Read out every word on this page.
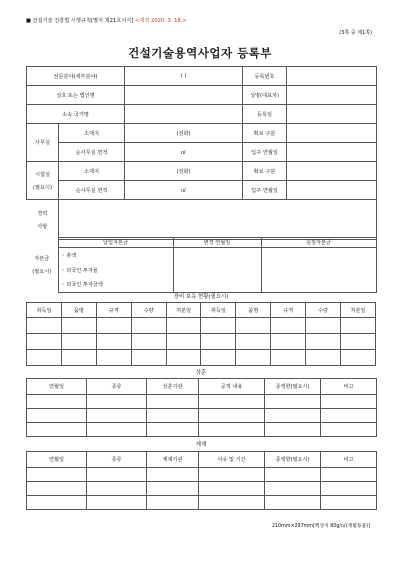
■ 건설기술 진흥법 시행규칙[별지 제21호서식] <개정 2020. 3. 18.>
(3쪽 중 제1쪽)
건설기술용역사업자 등록부
전문분야(세부분야)		( )	등록번호	
상호 또는 법인명			성명(대표자)	
소속 국가명			등록일	
사무실	소재지	(전화)	확보 구분	
	순사무실 면적	㎡	입주 연월일	
시험실

(필요시)	소재지	(전화)	확보 구분	
	순사무실 면적	㎡	입주 연월일	
경력

사항				
자본금

(필요시)	납입자본금	변경 연월일	실질자본금
	◦ 총액		
	◦ 외국인 투자율		
	◦ 외국인 투자금액		
장비 보유 현황(필요시)
취득일	품명	규격	수량	처분일	취득일	품명	규격	수량	처분일

상훈
연월일	종류	상훈기관	공적 내용	종액향(필요시)	비고

제재
연월일	종류	제재기관	사유 및 기간	종액향(필요시)	비고

210mm×297mm[백상지 80g/㎡(재활용품)]
